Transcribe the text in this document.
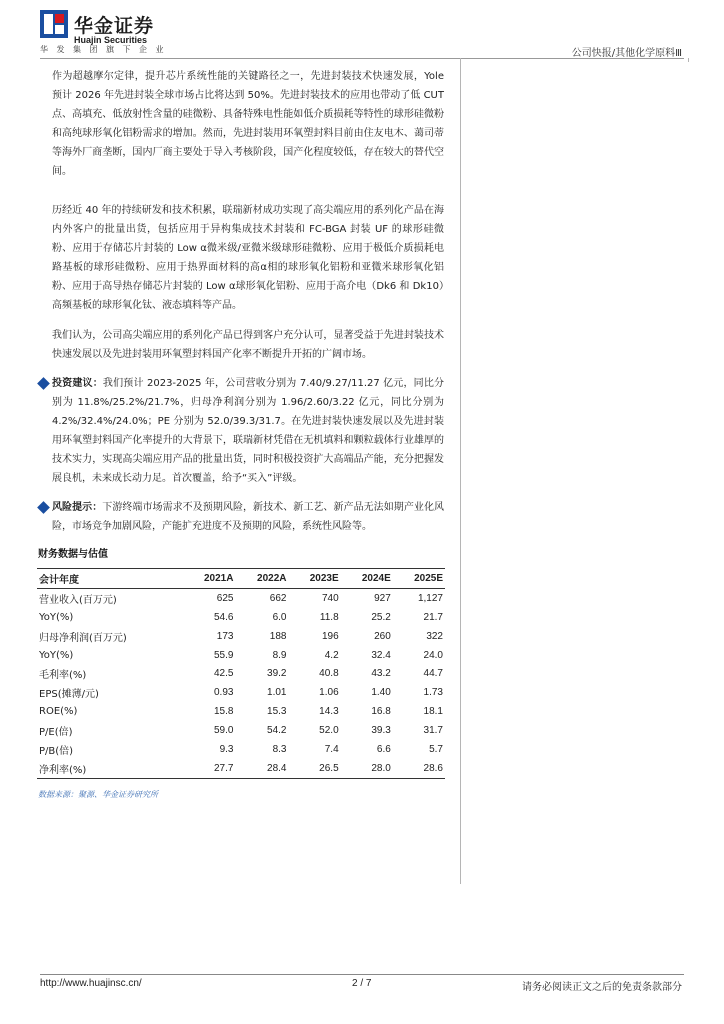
华金证券
Huajin Securities
华发集团旗下企业	公司快报/其他化学原料Ⅲ
作为超越摩尔定律，提升芯片系统性能的关键路径之一，先进封装技术快速发展，Yole 预计 2026 年先进封装全球市场占比将达到 50%。先进封装技术的应用也带动了低 CUT 点、高填充、低放射性含量的硅微粉、具备特殊电性能如低介质损耗等特性的球形硅微粉和高纯球形氧化铝粉需求的增加。然而，先进封装用环氧塑封料目前由住友电木、蔼司蒂等海外厂商垄断，国内厂商主要处于导入考核阶段，国产化程度较低，存在较大的替代空间。
历经近 40 年的持续研发和技术积累，联瑞新材成功实现了高尖端应用的系列化产品在海内外客户的批量出货，包括应用于异构集成技术封装和 FC-BGA 封装 UF 的球形硅微粉、应用于存储芯片封装的 Low α微米级/亚微米级球形硅微粉、应用于极低介质损耗电路基板的球形硅微粉、应用于热界面材料的高α相的球形氧化铝粉和亚微米球形氧化铝粉、应用于高导热存储芯片封装的 Low α球形氧化铝粉、应用于高介电（Dk6 和 Dk10）高频基板的球形氧化钛、液态填料等产品。
我们认为，公司高尖端应用的系列化产品已得到客户充分认可，显著受益于先进封装技术快速发展以及先进封装用环氧塑封料国产化率不断提升开拓的广阔市场。
投资建议：我们预计 2023-2025 年，公司营收分别为 7.40/9.27/11.27 亿元，同比分别为 11.8%/25.2%/21.7%，归母净利润分别为 1.96/2.60/3.22 亿元，同比分别为 4.2%/32.4%/24.0%；PE 分别为 52.0/39.3/31.7。在先进封装快速发展以及先进封装用环氧塑封料国产化率提升的大背景下，联瑞新材凭借在无机填料和颗粒载体行业雄厚的技术实力，实现高尖端应用产品的批量出货，同时积极投资扩大高端品产能，充分把握发展良机，未来成长动力足。首次覆盖，给予“买入”评级。
风险提示：下游终端市场需求不及预期风险，新技术、新工艺、新产品无法如期产业化风险，市场竞争加剧风险，产能扩充进度不及预期的风险，系统性风险等。
财务数据与估值
会计年度	2021A	2022A	2023E	2024E	2025E
营业收入(百万元)	625	662	740	927	1,127
YoY(%)	54.6	6.0	11.8	25.2	21.7
归母净利润(百万元)	173	188	196	260	322
YoY(%)	55.9	8.9	4.2	32.4	24.0
毛利率(%)	42.5	39.2	40.8	43.2	44.7
EPS(摊薄/元)	0.93	1.01	1.06	1.40	1.73
ROE(%)	15.8	15.3	14.3	16.8	18.1
P/E(倍)	59.0	54.2	52.0	39.3	31.7
P/B(倍)	9.3	8.3	7.4	6.6	5.7
净利率(%)	27.7	28.4	26.5	28.0	28.6
数据来源：聚源、华金证券研究所
http://www.huajinsc.cn/	2 / 7	请务必阅读正文之后的免责条款部分
